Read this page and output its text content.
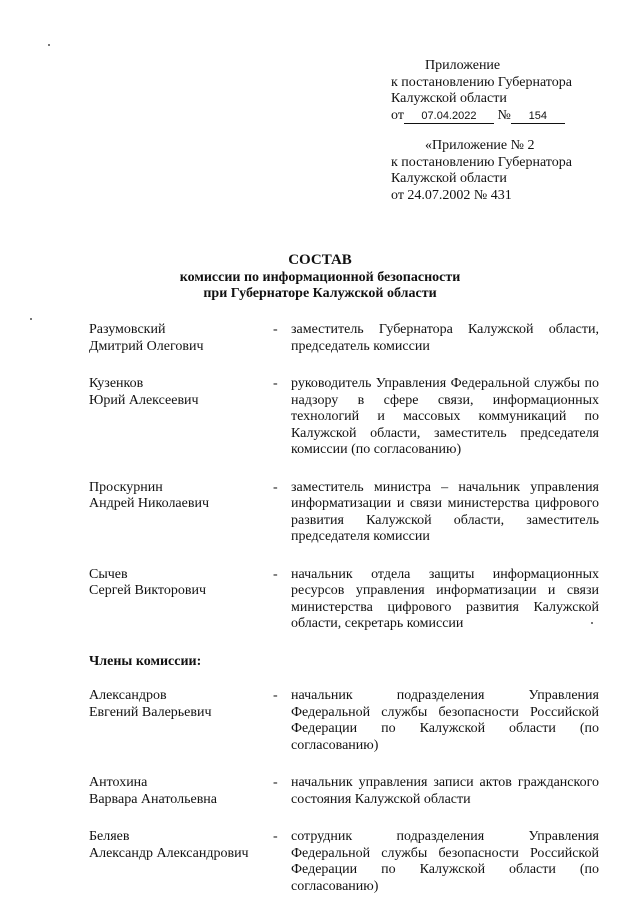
Приложение
к постановлению Губернатора
Калужской области
от 07.04.2022 № 154
«Приложение № 2
к постановлению Губернатора
Калужской области
от 24.07.2002 № 431
СОСТАВ
комиссии по информационной безопасности
при Губернаторе Калужской области
Разумовский
Дмитрий Олегович
- заместитель Губернатора Калужской области, председатель комиссии
Кузенков
Юрий Алексеевич
- руководитель Управления Федеральной службы по надзору в сфере связи, информационных технологий и массовых коммуникаций по Калужской области, заместитель председателя комиссии (по согласованию)
Проскурнин
Андрей Николаевич
- заместитель министра – начальник управления информатизации и связи министерства цифрового развития Калужской области, заместитель председателя комиссии
Сычев
Сергей Викторович
- начальник отдела защиты информационных ресурсов управления информатизации и связи министерства цифрового развития Калужской области, секретарь комиссии
Члены комиссии:
Александров
Евгений Валерьевич
- начальник подразделения Управления Федеральной службы безопасности Российской Федерации по Калужской области (по согласованию)
Антохина
Варвара Анатольевна
- начальник управления записи актов гражданского состояния Калужской области
Беляев
Александр Александрович
- сотрудник подразделения Управления Федеральной службы безопасности Российской Федерации по Калужской области (по согласованию)
